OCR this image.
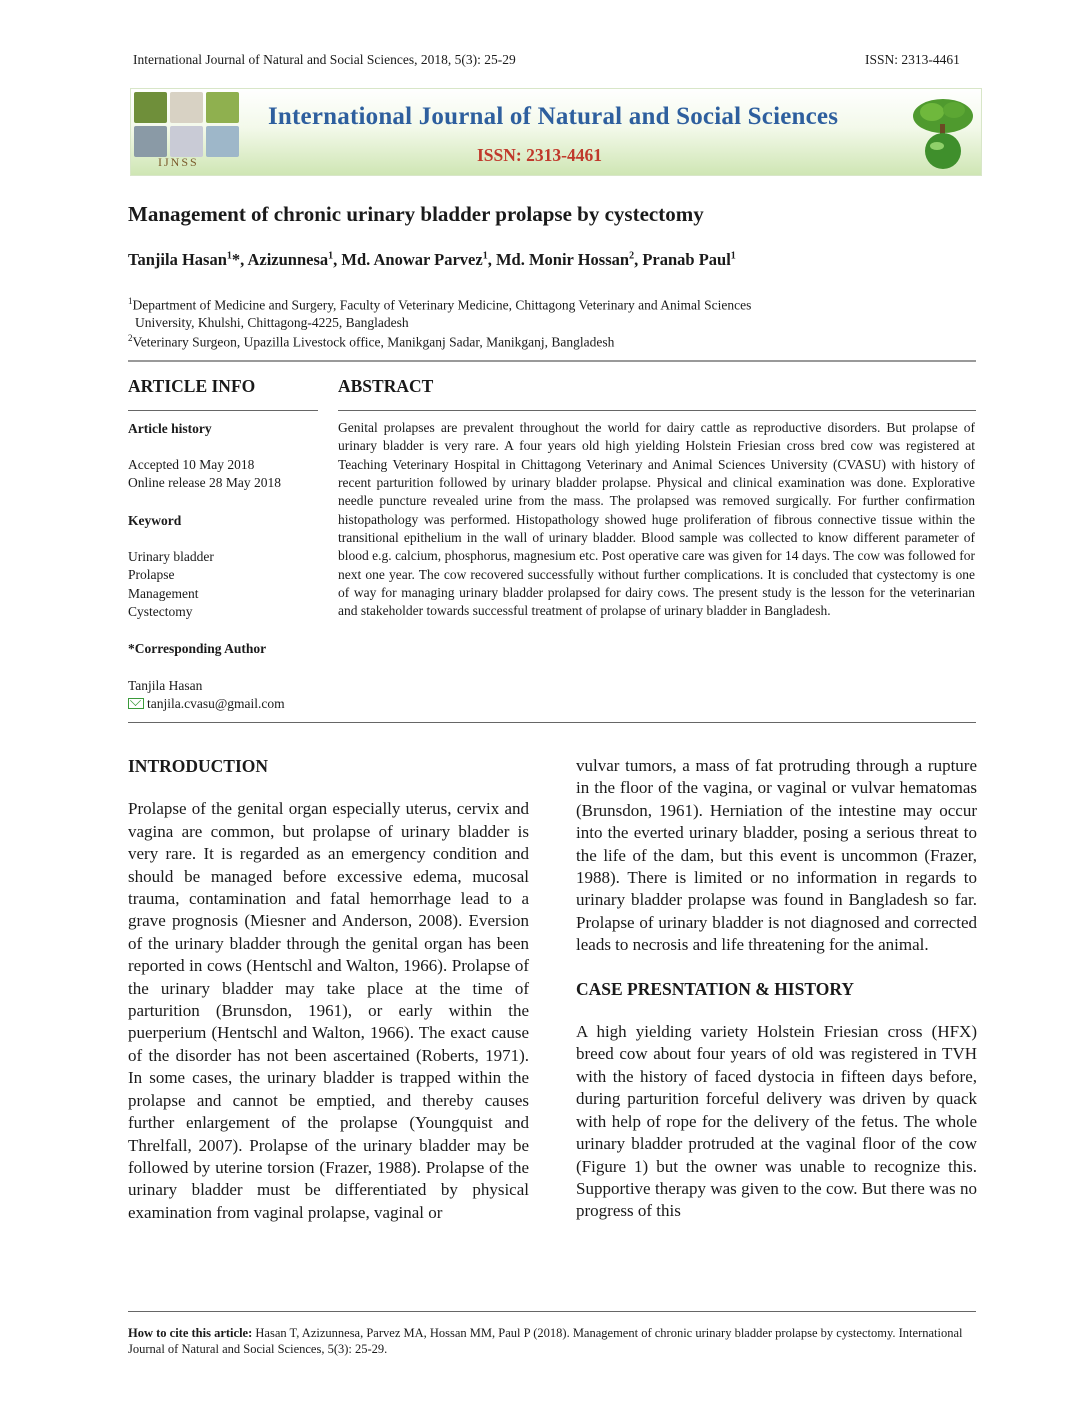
International Journal of Natural and Social Sciences, 2018, 5(3): 25-29	ISSN: 2313-4461
IJNSS
International Journal of Natural and Social Sciences
ISSN: 2313-4461
Management of chronic urinary bladder prolapse by cystectomy
Tanjila Hasan$^1$*, Azizunnesa$^1$, Md. Anowar Parvez$^1$, Md. Monir Hossan$^2$, Pranab Paul$^1$
$^1$Department of Medicine and Surgery, Faculty of Veterinary Medicine, Chittagong Veterinary and Animal Sciences
University, Khulshi, Chittagong-4225, Bangladesh
$^2$Veterinary Surgeon, Upazilla Livestock office, Manikganj Sadar, Manikganj, Bangladesh
ARTICLE INFO	ABSTRACT
Article history
Accepted 10 May 2018
Online release 28 May 2018
Keyword
Urinary bladder
Prolapse
Management
Cystectomy
*Corresponding Author
Tanjila Hasan
tanjila.cvasu@gmail.com
Genital prolapses are prevalent throughout the world for dairy cattle as reproductive disorders. But prolapse of urinary bladder is very rare. A four years old high yielding Holstein Friesian cross bred cow was registered at Teaching Veterinary Hospital in Chittagong Veterinary and Animal Sciences University (CVASU) with history of recent parturition followed by urinary bladder prolapse. Physical and clinical examination was done. Explorative needle puncture revealed urine from the mass. The prolapsed was removed surgically. For further confirmation histopathology was performed. Histopathology showed huge proliferation of fibrous connective tissue within the transitional epithelium in the wall of urinary bladder. Blood sample was collected to know different parameter of blood e.g. calcium, phosphorus, magnesium etc. Post operative care was given for 14 days. The cow was followed for next one year. The cow recovered successfully without further complications. It is concluded that cystectomy is one of way for managing urinary bladder prolapsed for dairy cows. The present study is the lesson for the veterinarian and stakeholder towards successful treatment of prolapse of urinary bladder in Bangladesh.
INTRODUCTION

Prolapse of the genital organ especially uterus, cervix and vagina are common, but prolapse of urinary bladder is very rare. It is regarded as an emergency condition and should be managed before excessive edema, mucosal trauma, contamination and fatal hemorrhage lead to a grave prognosis (Miesner and Anderson, 2008). Eversion of the urinary bladder through the genital organ has been reported in cows (Hentschl and Walton, 1966). Prolapse of the urinary bladder may take place at the time of parturition (Brunsdon, 1961), or early within the puerperium (Hentschl and Walton, 1966). The exact cause of the disorder has not been ascertained (Roberts, 1971). In some cases, the urinary bladder is trapped within the prolapse and cannot be emptied, and thereby causes further enlargement of the prolapse (Youngquist and Threlfall, 2007). Prolapse of the urinary bladder may be followed by uterine torsion (Frazer, 1988). Prolapse of the urinary bladder must be differentiated by physical examination from vaginal prolapse, vaginal or

vulvar tumors, a mass of fat protruding through a rupture in the floor of the vagina, or vaginal or vulvar hematomas (Brunsdon, 1961). Herniation of the intestine may occur into the everted urinary bladder, posing a serious threat to the life of the dam, but this event is uncommon (Frazer, 1988). There is limited or no information in regards to urinary bladder prolapse was found in Bangladesh so far. Prolapse of urinary bladder is not diagnosed and corrected leads to necrosis and life threatening for the animal.

CASE PRESNTATION & HISTORY

A high yielding variety Holstein Friesian cross (HFX) breed cow about four years of old was registered in TVH with the history of faced dystocia in fifteen days before, during parturition forceful delivery was driven by quack with help of rope for the delivery of the fetus. The whole urinary bladder protruded at the vaginal floor of the cow (Figure 1) but the owner was unable to recognize this. Supportive therapy was given to the cow. But there was no progress of this

How to cite this article: Hasan T, Azizunnesa, Parvez MA, Hossan MM, Paul P (2018). Management of chronic urinary bladder prolapse by cystectomy. International Journal of Natural and Social Sciences, 5(3): 25-29.
